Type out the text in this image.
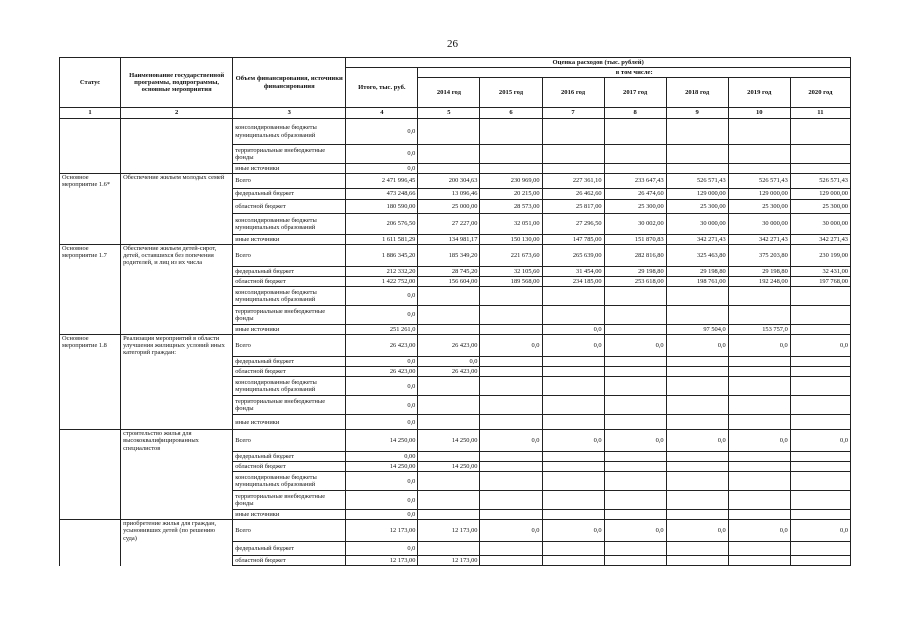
26
Статус	Наименование государственной программы, подпрограммы, основные мероприятия	Объем финансирования, источники финансирования	Оценка расходов (тыс. рублей)							
			Итого, тыс. руб.	в том числе:						
				2014 год	2015 год	2016 год	2017 год	2018 год	2019 год	2020 год
1	2	3	4	5	6	7	8	9	10	11
		консолидированные бюджеты муниципальных образований	0,0							
		территориальные внебюджетные фонды	0,0							
		иные источники	0,0							
Основное мероприятие 1.6*	Обеспечение жильем молодых семей	Всего	2 471 996,45	200 304,63	230 969,00	227 361,10	233 647,43	526 571,43	526 571,43	526 571,43
		федеральный бюджет	473 248,66	13 096,46	20 215,00	26 462,60	26 474,60	129 000,00	129 000,00	129 000,00
		областной бюджет	180 590,00	25 000,00	28 573,00	25 817,00	25 300,00	25 300,00	25 300,00	25 300,00
		консолидированные бюджеты муниципальных образований	206 576,50	27 227,00	32 051,00	27 296,50	30 002,00	30 000,00	30 000,00	30 000,00
		иные источники	1 611 581,29	134 981,17	150 130,00	147 785,00	151 870,83	342 271,43	342 271,43	342 271,43
Основное мероприятие 1.7	Обеспечение жильем детей-сирот, детей, оставшихся без попечения родителей, и лиц из их числа	Всего	1 886 345,20	185 349,20	221 673,60	265 639,00	282 816,80	325 463,80	375 203,80	230 199,00
		федеральный бюджет	212 332,20	28 745,20	32 105,60	31 454,00	29 198,80	29 198,80	29 198,80	32 431,00
		областной бюджет	1 422 752,00	156 604,00	189 568,00	234 185,00	253 618,00	198 761,00	192 248,00	197 768,00
		консолидированные бюджеты муниципальных образований	0,0							
		территориальные внебюджетные фонды	0,0							
		иные источники	251 261,0			0,0		97 504,0	153 757,0	
Основное мероприятие 1.8	Реализация мероприятий в области улучшения жилищных условий иных категорий граждан:	Всего	26 423,00	26 423,00	0,0	0,0	0,0	0,0	0,0	0,0
		федеральный бюджет	0,0	0,0						
		областной бюджет	26 423,00	26 423,00						
		консолидированные бюджеты муниципальных образований	0,0							
		территориальные внебюджетные фонды	0,0							
		иные источники	0,0							
	строительство жилья для высококвалифицированных специалистов	Всего	14 250,00	14 250,00	0,0	0,0	0,0	0,0	0,0	0,0
		федеральный бюджет	0,00							
		областной бюджет	14 250,00	14 250,00						
		консолидированные бюджеты муниципальных образований	0,0							
		территориальные внебюджетные фонды	0,0							
		иные источники	0,0							
	приобретение жилья для граждан, усыновивших детей (по решению суда)	Всего	12 173,00	12 173,00	0,0	0,0	0,0	0,0	0,0	0,0
		федеральный бюджет	0,0							
		областной бюджет	12 173,00	12 173,00						
